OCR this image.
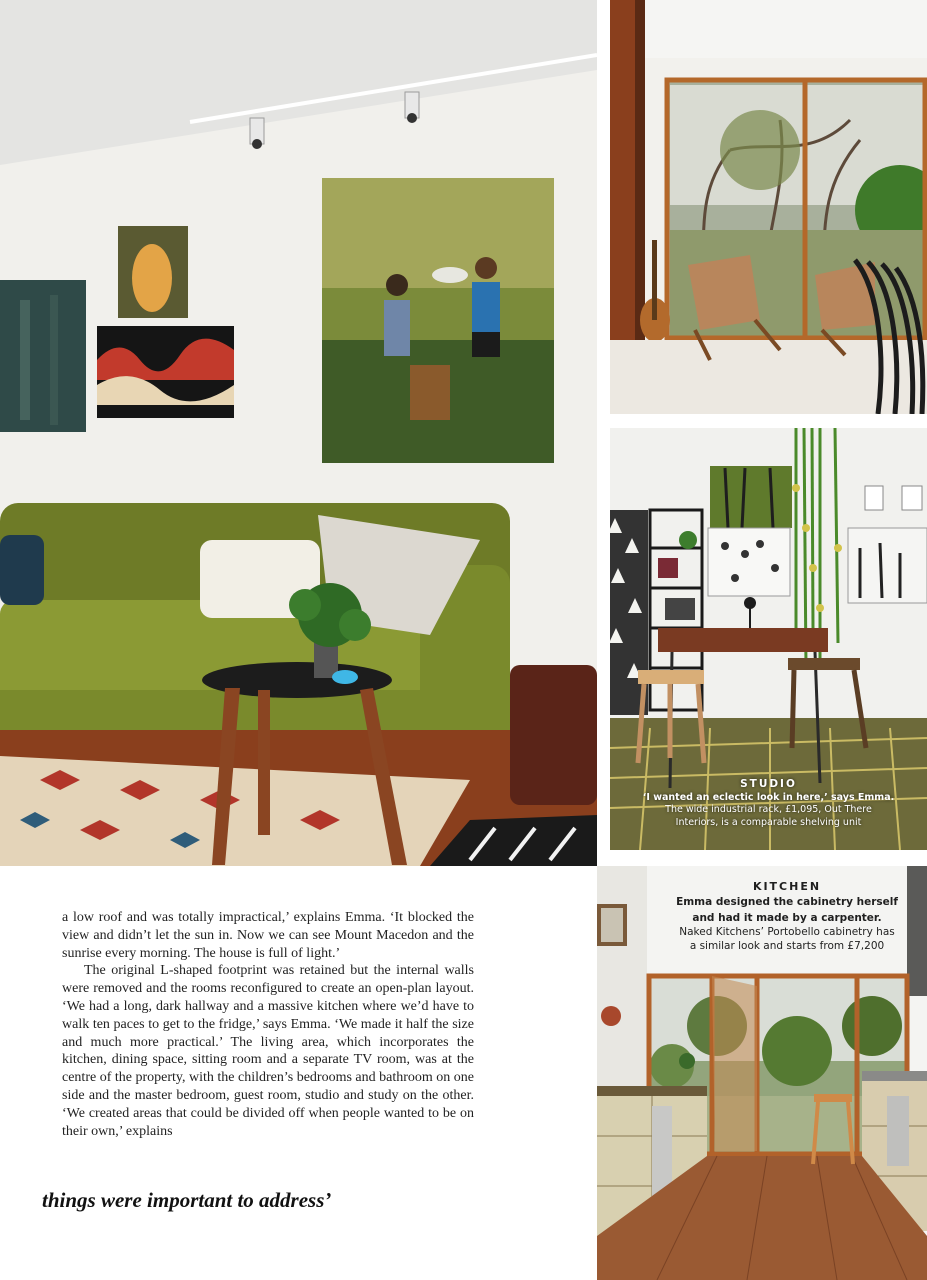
STUDIO
‘I wanted an eclectic look in here,’ says Emma.
The wide industrial rack, £1,095, Out There
Interiors, is a comparable shelving unit
KITCHEN
Emma designed the cabinetry herself
and had it made by a carpenter.
Naked Kitchens’ Portobello cabinetry has
a similar look and starts from £7,200

a low roof and was totally impractical,’ explains Emma. ‘It blocked the view and didn’t let the sun in. Now we can see Mount Macedon and the sunrise every morning. The house is full of light.’

The original L-shaped footprint was retained but the internal walls were removed and the rooms reconfigured to create an open-plan layout. ‘We had a long, dark hallway and a massive kitchen where we’d have to walk ten paces to get to the fridge,’ says Emma. ‘We made it half the size and much more practical.’ The living area, which incorporates the kitchen, dining space, sitting room and a separate TV room, was at the centre of the property, with the children’s bedrooms and bathroom on one side and the master bedroom, guest room, studio and study on the other. ‘We created areas that could be divided off when people wanted to be on their own,’ explains

things were important to address’
